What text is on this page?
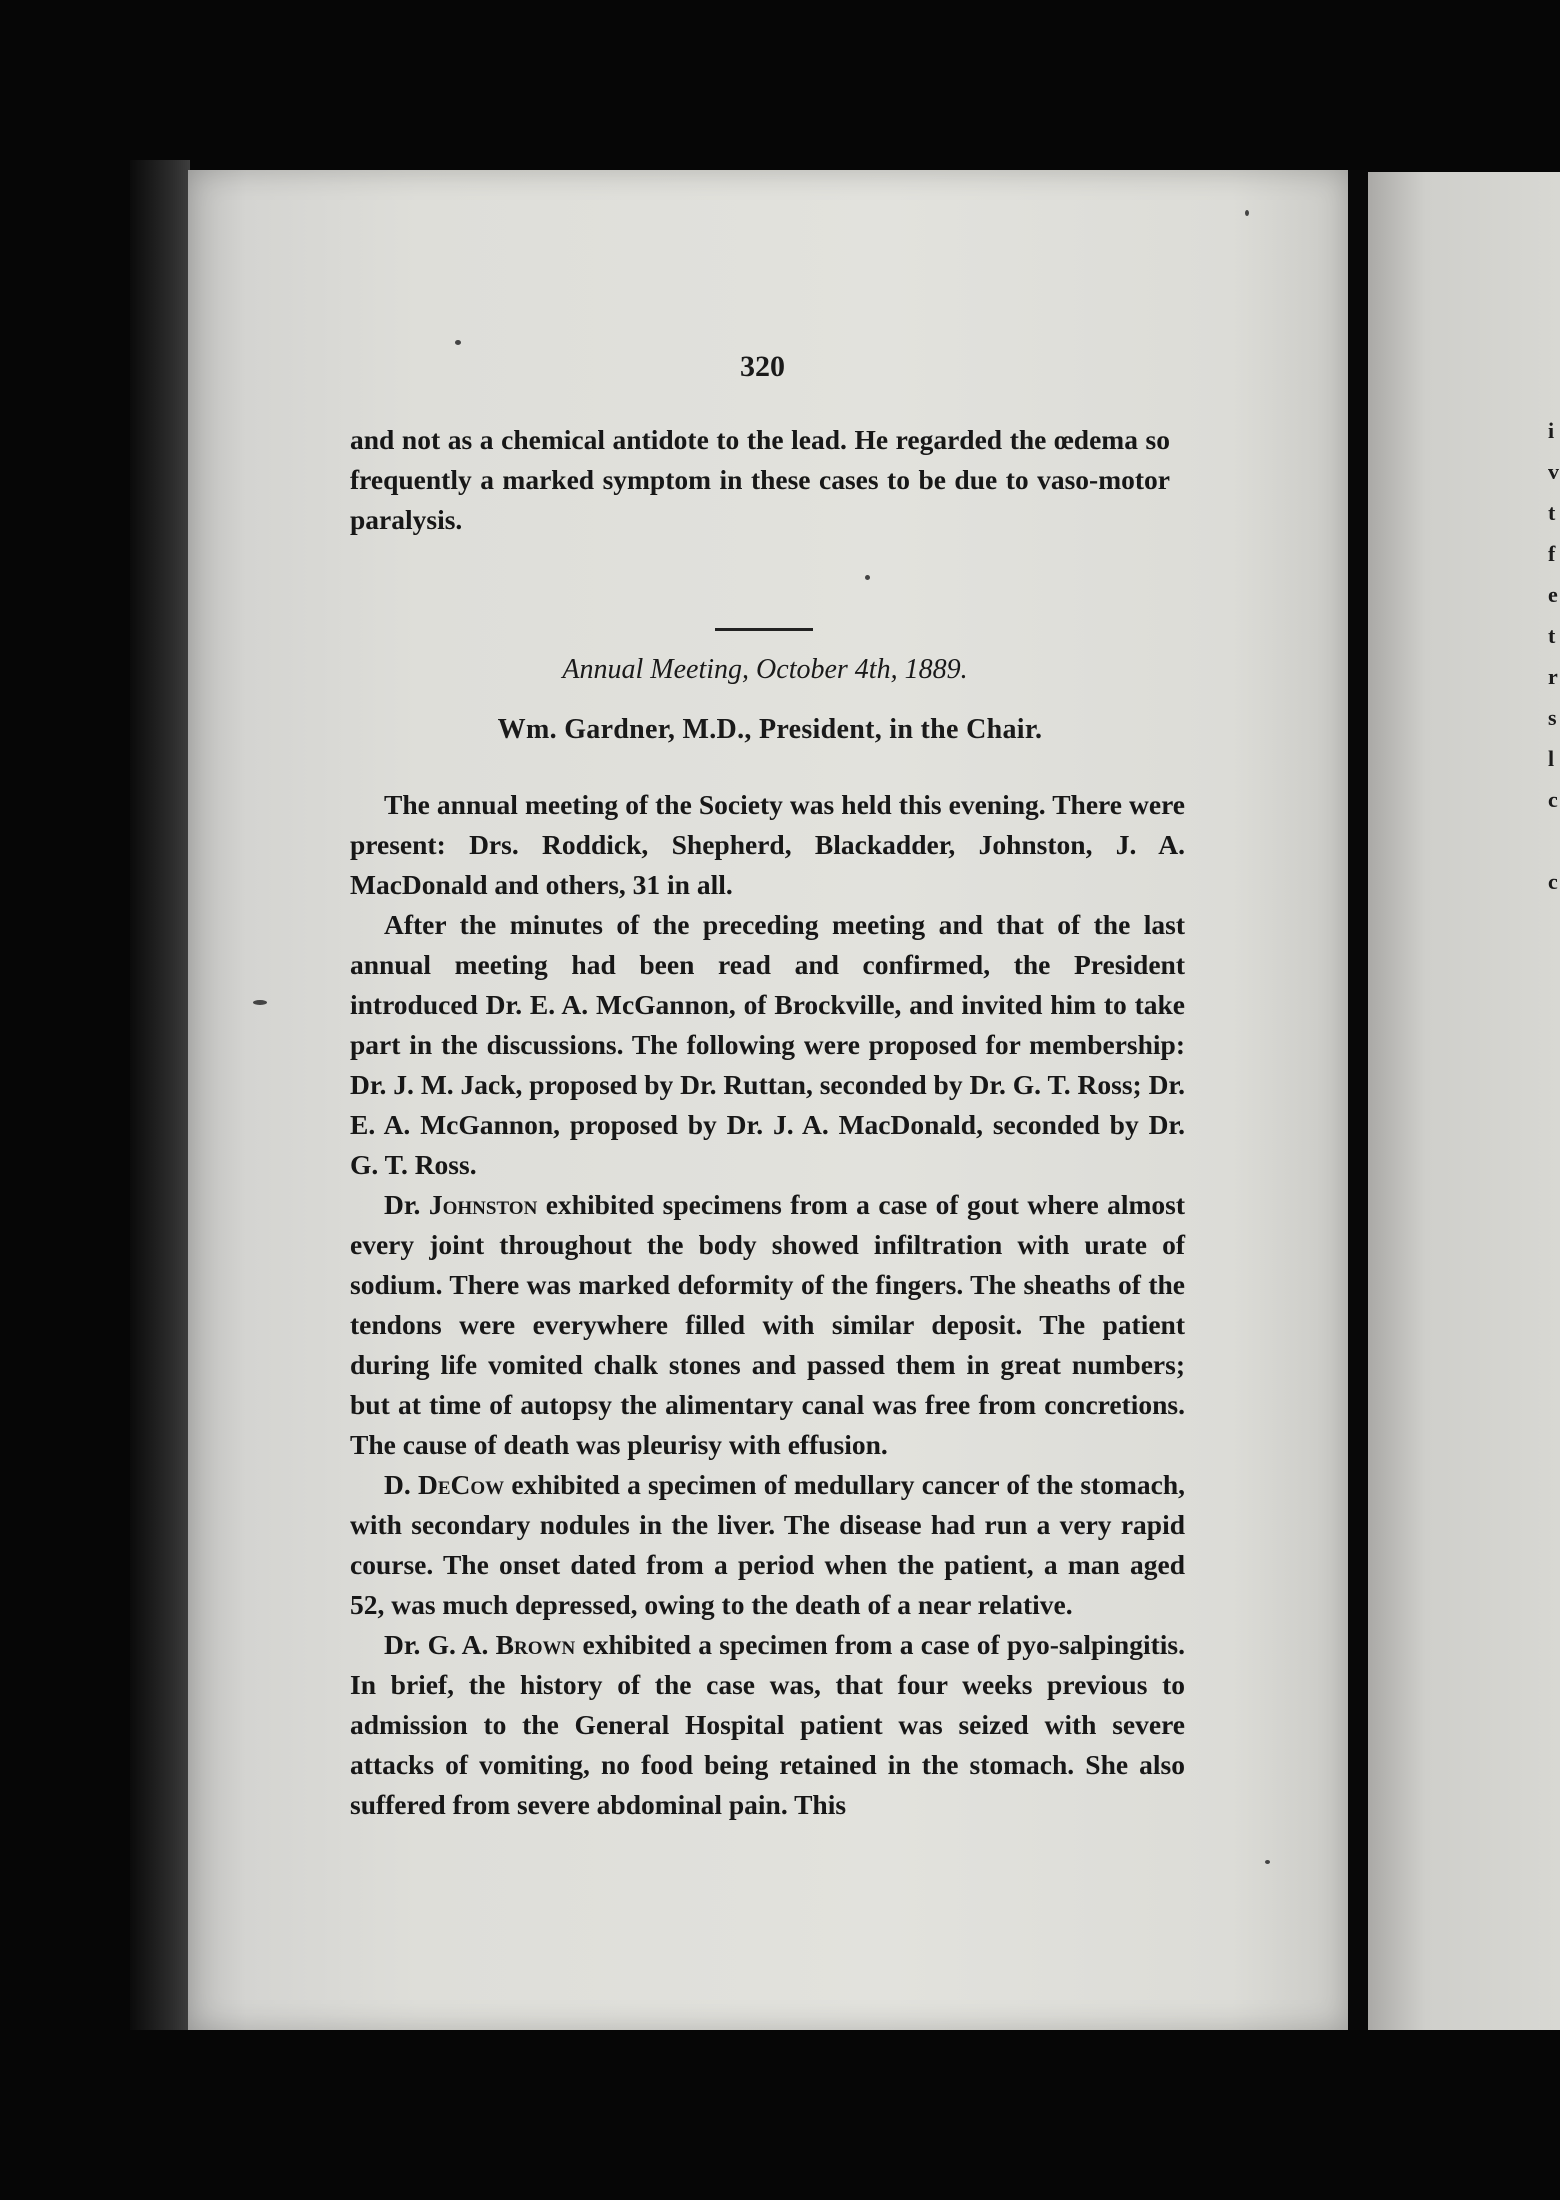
i
v
t
f
e
t
r
s
l
c
c
320

and not as a chemical antidote to the lead. He regarded the œdema so frequently a marked symptom in these cases to be due to vaso-motor paralysis.

Annual Meeting, October 4th, 1889.
Wm. Gardner, M.D., President, in the Chair.

The annual meeting of the Society was held this evening. There were present: Drs. Roddick, Shepherd, Blackadder, Johnston, J. A. MacDonald and others, 31 in all.

After the minutes of the preceding meeting and that of the last annual meeting had been read and confirmed, the President introduced Dr. E. A. McGannon, of Brockville, and invited him to take part in the discussions. The following were proposed for membership: Dr. J. M. Jack, proposed by Dr. Ruttan, seconded by Dr. G. T. Ross; Dr. E. A. McGannon, proposed by Dr. J. A. MacDonald, seconded by Dr. G. T. Ross.

Dr. Johnston exhibited specimens from a case of gout where almost every joint throughout the body showed infiltration with urate of sodium. There was marked deformity of the fingers. The sheaths of the tendons were everywhere filled with similar deposit. The patient during life vomited chalk stones and passed them in great numbers; but at time of autopsy the alimentary canal was free from concretions. The cause of death was pleurisy with effusion.

D. DeCow exhibited a specimen of medullary cancer of the stomach, with secondary nodules in the liver. The disease had run a very rapid course. The onset dated from a period when the patient, a man aged 52, was much depressed, owing to the death of a near relative.

Dr. G. A. Brown exhibited a specimen from a case of pyo-salpingitis. In brief, the history of the case was, that four weeks previous to admission to the General Hospital patient was seized with severe attacks of vomiting, no food being retained in the stomach. She also suffered from severe abdominal pain. This
